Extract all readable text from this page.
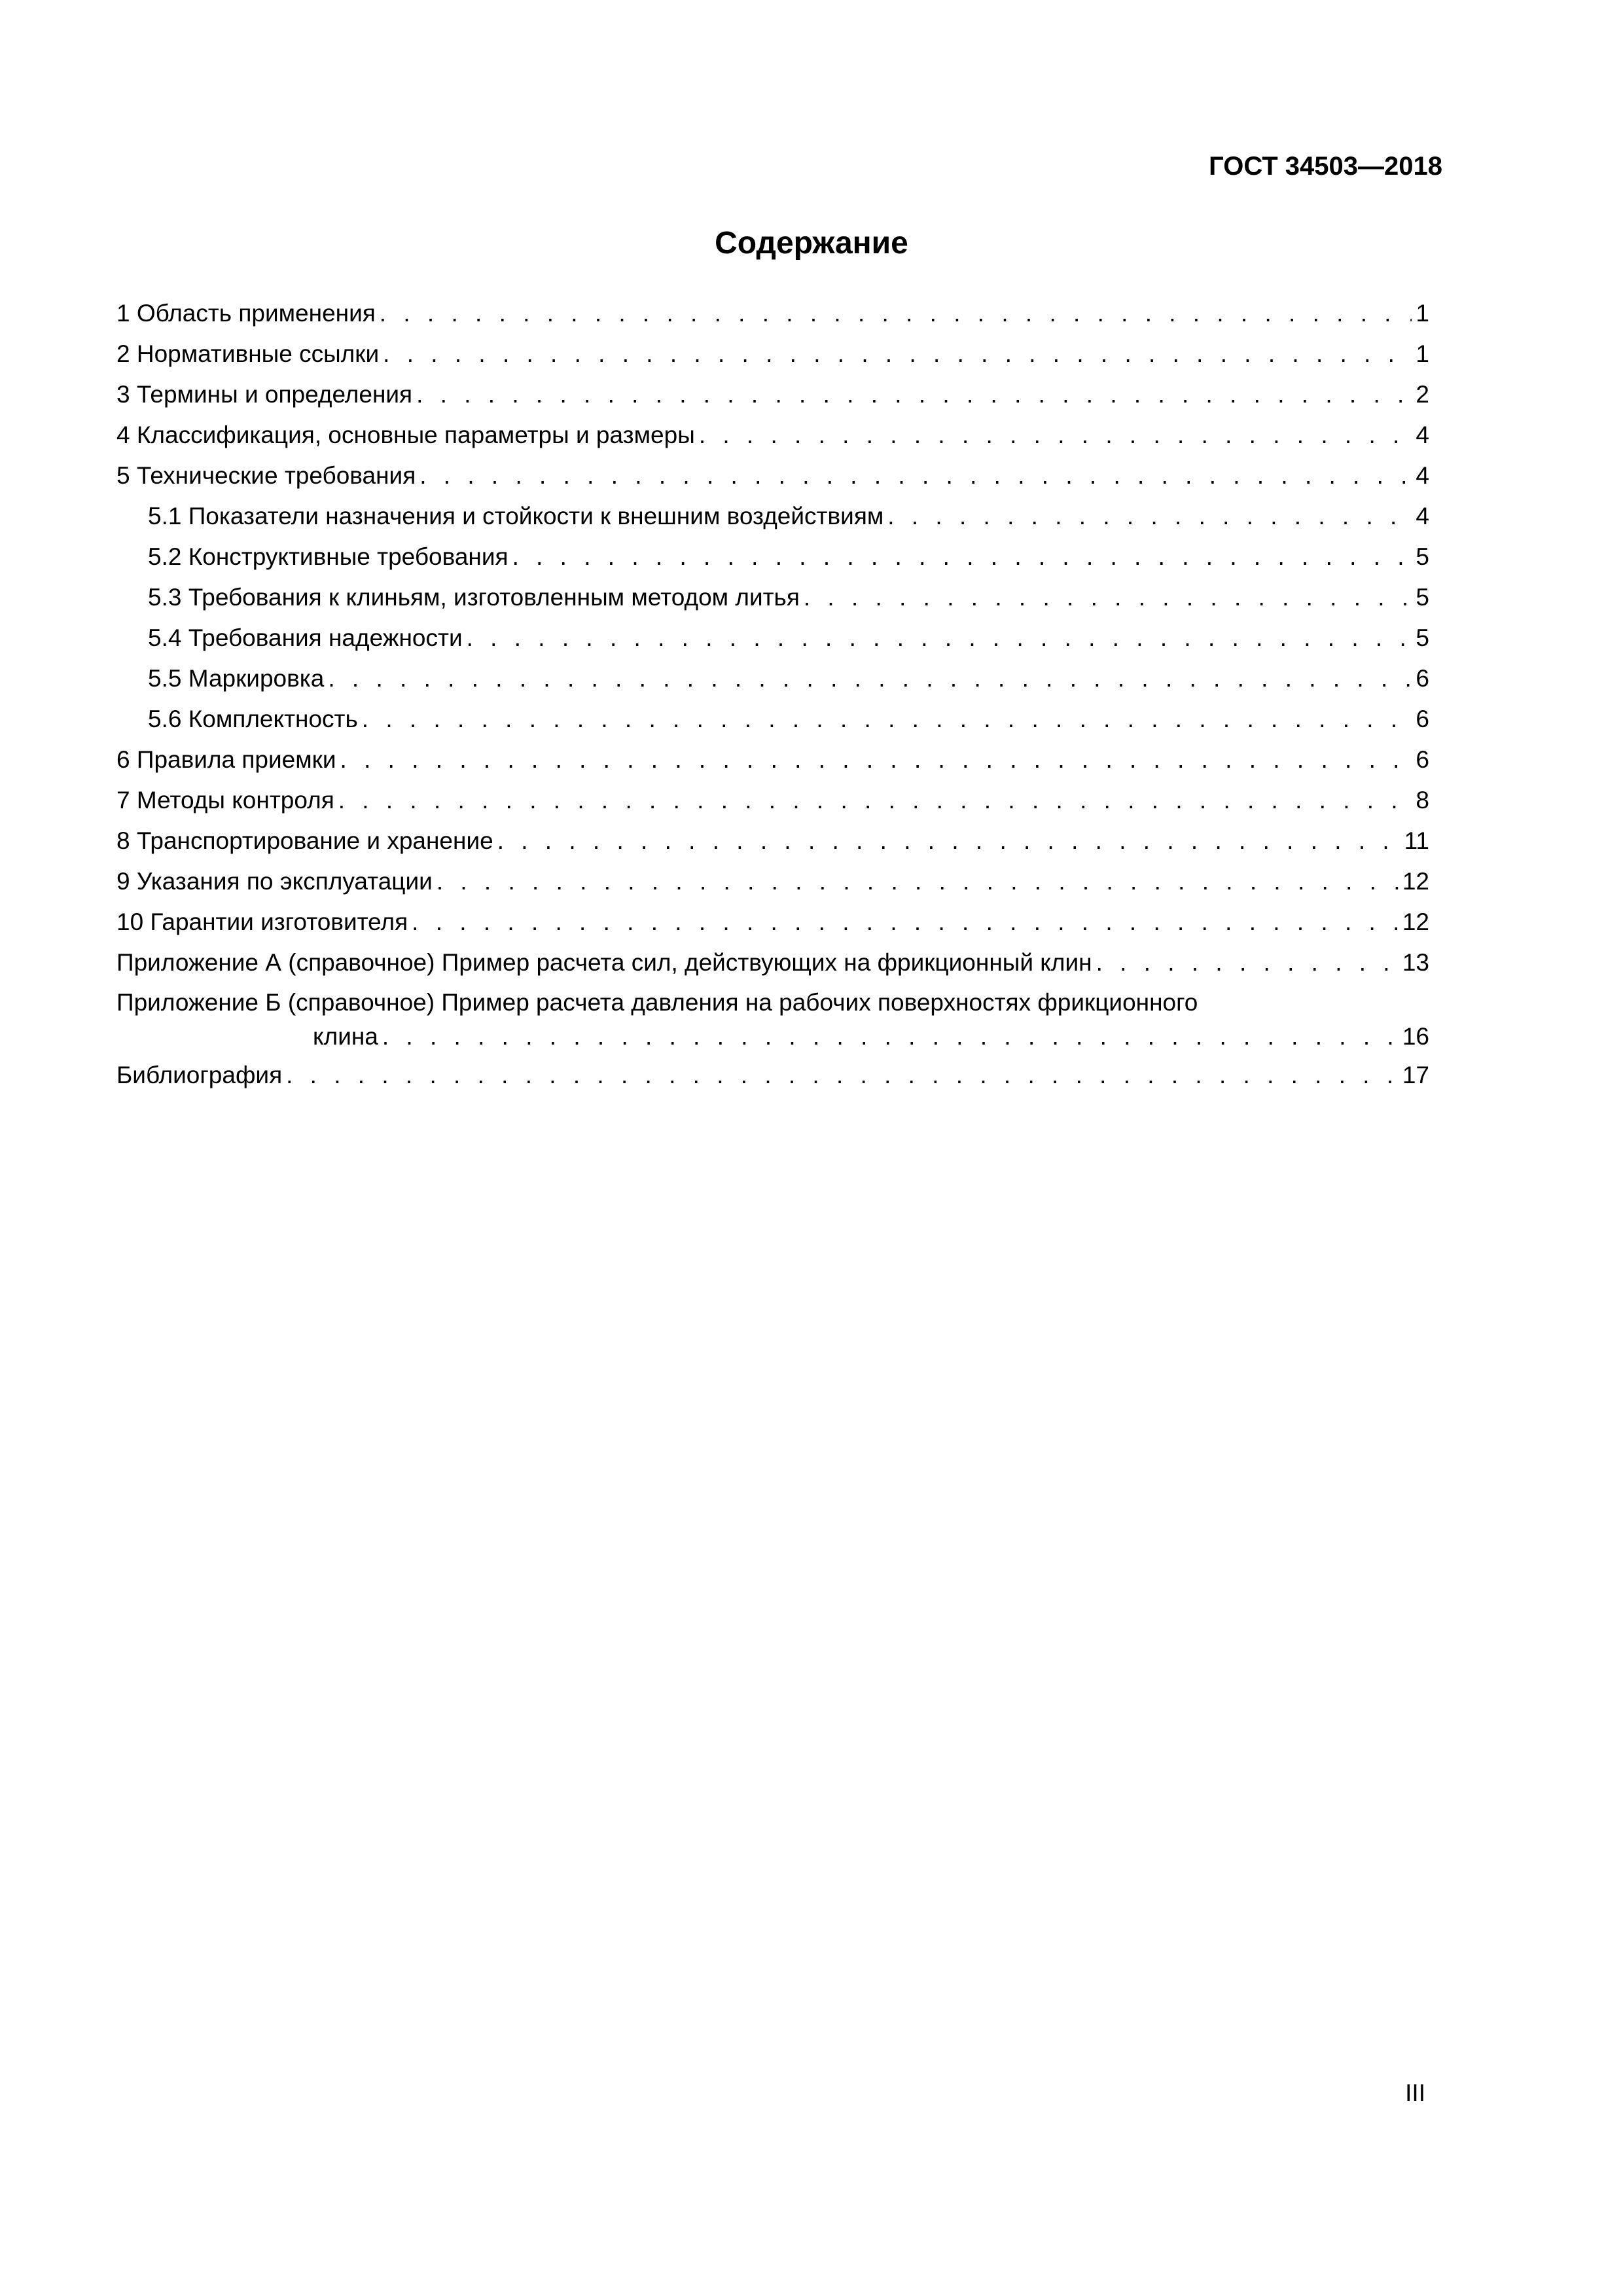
ГОСТ 34503—2018
Содержание
1 Область применения . . .	1
2 Нормативные ссылки . . .	1
3 Термины и определения . . .	2
4 Классификация, основные параметры и размеры . . .	4
5 Технические требования . . .	4
5.1 Показатели назначения и стойкости к внешним воздействиям . . .	4
5.2 Конструктивные требования . . .	5
5.3 Требования к клиньям, изготовленным методом литья . . .	5
5.4 Требования надежности . . .	5
5.5 Маркировка . . .	6
5.6 Комплектность . . .	6
6 Правила приемки . . .	6
7 Методы контроля . . .	8
8 Транспортирование и хранение . . .	11
9 Указания по эксплуатации . . .	12
10 Гарантии изготовителя . . .	12
Приложение А (справочное) Пример расчета сил, действующих на фрикционный клин . . .	13
Приложение Б (справочное) Пример расчета давления на рабочих поверхностях фрикционного
клина . . .	16
Библиография . . .	17
III
